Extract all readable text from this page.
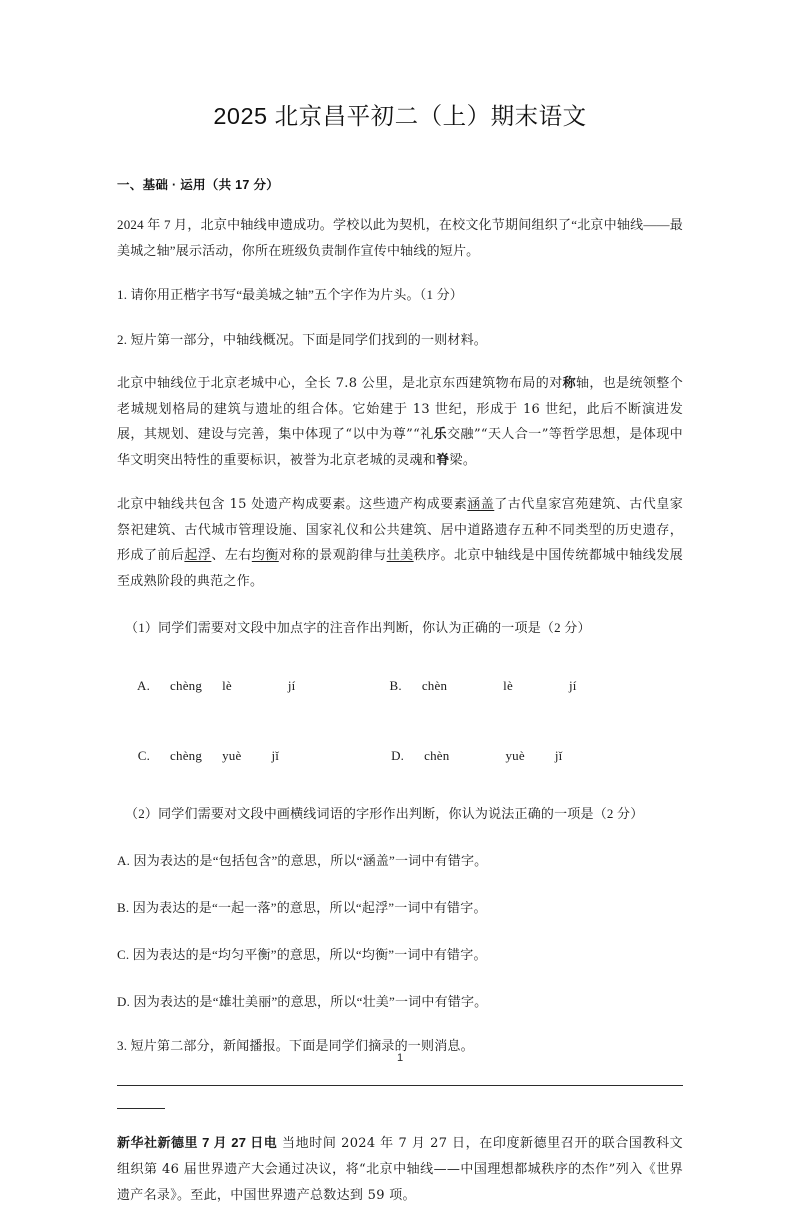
2025 北京昌平初二（上）期末语文
一、基础 · 运用（共 17 分）

2024 年 7 月，北京中轴线申遗成功。学校以此为契机，在校文化节期间组织了“北京中轴线——最美城之轴”展示活动，你所在班级负责制作宣传中轴线的短片。

1. 请你用正楷字书写“最美城之轴”五个字作为片头。（1 分）

2. 短片第一部分，中轴线概况。下面是同学们找到的一则材料。

北京中轴线位于北京老城中心，全长 7.8 公里，是北京东西建筑物布局的对称轴，也是统领整个老城规划格局的建筑与遗址的组合体。它始建于 13 世纪，形成于 16 世纪，此后不断演进发展，其规划、建设与完善，集中体现了“以中为尊”“礼乐交融”“天人合一”等哲学思想，是体现中华文明突出特性的重要标识，被誉为北京老城的灵魂和脊梁。

北京中轴线共包含 15 处遗产构成要素。这些遗产构成要素涵盖了古代皇家宫苑建筑、古代皇家祭祀建筑、古代城市管理设施、国家礼仪和公共建筑、居中道路遗存五种不同类型的历史遗存，形成了前后起浮、左右均衡对称的景观韵律与壮美秩序。北京中轴线是中国传统都城中轴线发展至成熟阶段的典范之作。

（1）同学们需要对文段中加点字的注音作出判断，你认为正确的一项是（2 分）

A. chèng lè	jí	B. chèn	lè	jí

C. chèng yuè jǐ	D. chèn	yuè jǐ

（2）同学们需要对文段中画横线词语的字形作出判断，你认为说法正确的一项是（2 分）

A. 因为表达的是“包括包含”的意思，所以“涵盖”一词中有错字。

B. 因为表达的是“一起一落”的意思，所以“起浮”一词中有错字。

C. 因为表达的是“均匀平衡”的意思，所以“均衡”一词中有错字。

D. 因为表达的是“雄壮美丽”的意思，所以“壮美”一词中有错字。

3. 短片第二部分，新闻播报。下面是同学们摘录的一则消息。

新华社新德里 7 月 27 日电 当地时间 2024 年 7 月 27 日，在印度新德里召开的联合国教科文组织第 46 届世界遗产大会通过决议，将“北京中轴线——中国理想都城秩序的杰作”列入《世界遗产名录》。至此，中国世界遗产总数达到 59 项。

1
